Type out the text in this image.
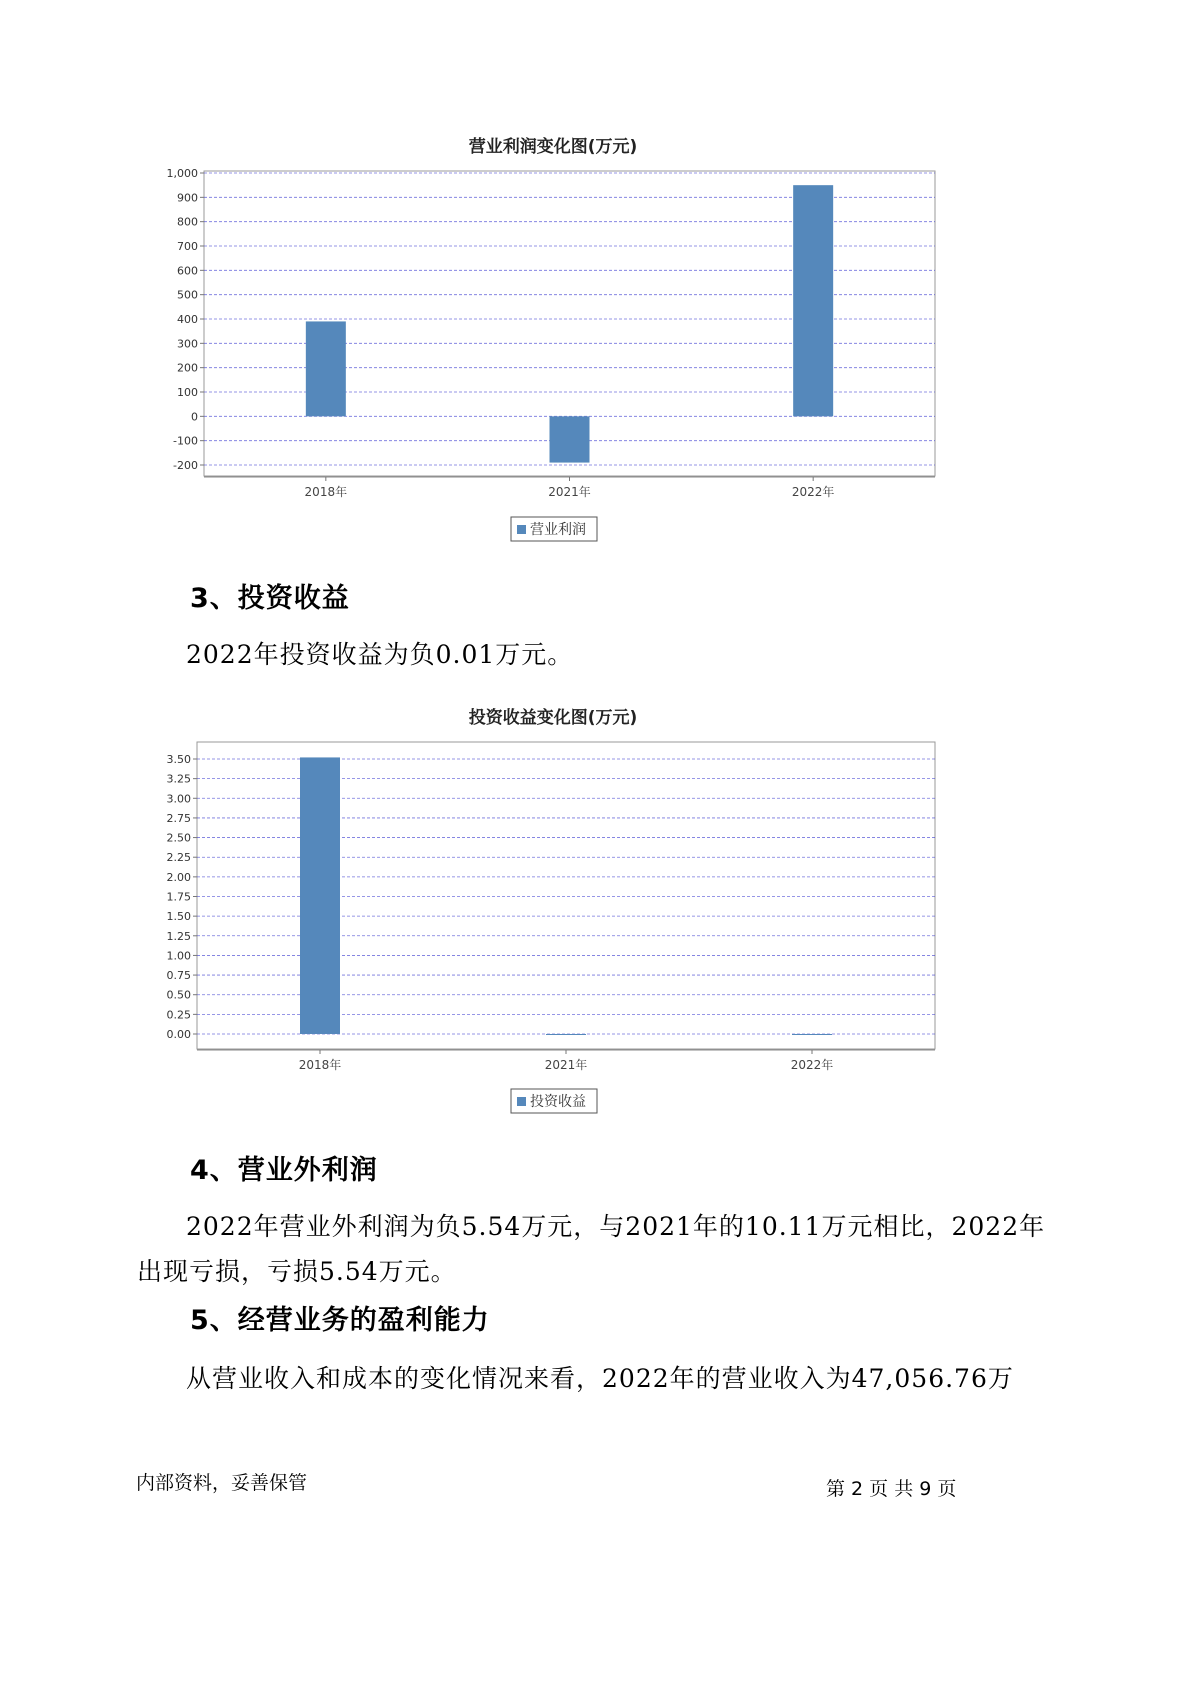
营业利润变化图(万元)
1,000
900
800
700
600
500
400
300
200
100
0
-100
-200
2018年	2021年	2022年
营业利润
3、投资收益
2022年投资收益为负0.01万元。
投资收益变化图(万元)
3.50
3.25
3.00
2.75
2.50
2.25
2.00
1.75
1.50
1.25
1.00
0.75
0.50
0.25
0.00
2018年	2021年	2022年
投资收益
4、营业外利润
2022年营业外利润为负5.54万元，与2021年的10.11万元相比，2022年
出现亏损，亏损5.54万元。
5、经营业务的盈利能力
从营业收入和成本的变化情况来看，2022年的营业收入为47,056.76万
内部资料，妥善保管	第 2 页 共 9 页
